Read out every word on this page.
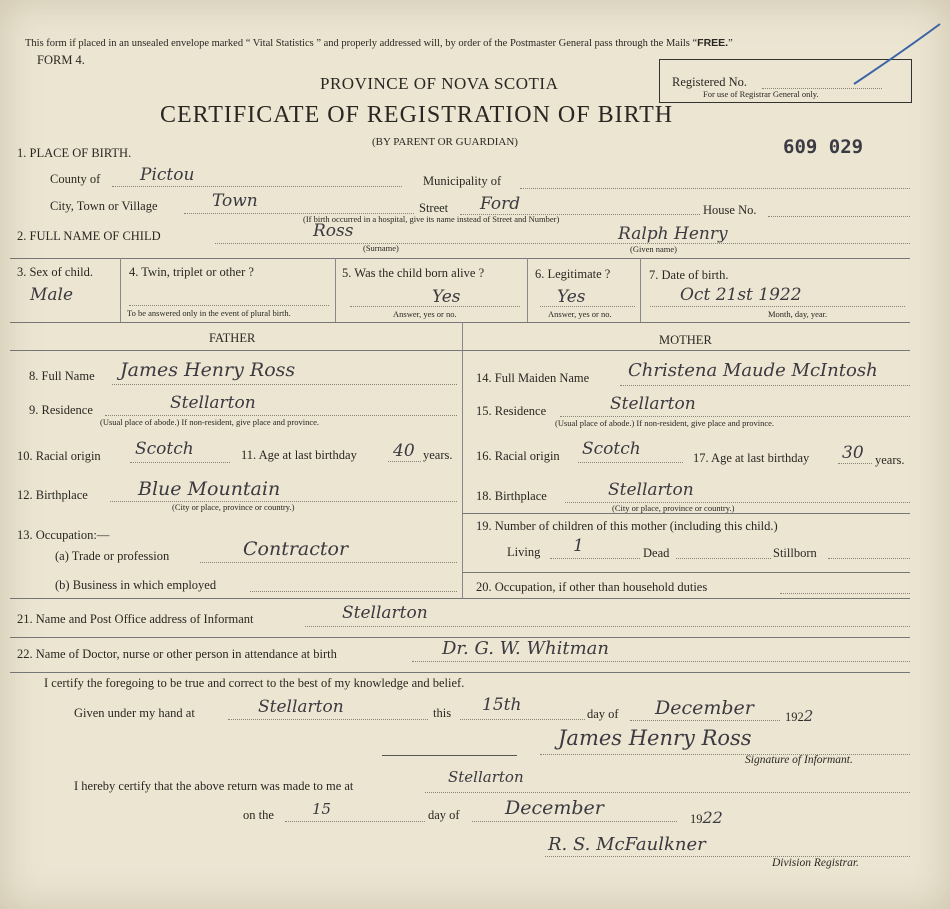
This form if placed in an unsealed envelope marked “ Vital Statistics ” and properly addressed will, by order of the Postmaster General pass through the Mails “FREE.”
FORM 4.
PROVINCE OF NOVA SCOTIA
CERTIFICATE OF REGISTRATION OF BIRTH
(BY PARENT OR GUARDIAN)
Registered No.
For use of Registrar General only.
609 029
1. PLACE OF BIRTH.
County of Pictou	Municipality of
City, Town or Village	Town	Street Ford	House No.
(If birth occurred in a hospital, give its name instead of Street and Number)
2. FULL NAME OF CHILD	Ross
(Surname)
Ralph Henry
(Given name)
3. Sex of child.
Male
4. Twin, triplet or other ?
To be answered only in the event of plural birth.
5. Was the child born alive ?
Yes
Answer, yes or no.
6. Legitimate ?
Yes
Answer, yes or no.
7. Date of birth.
Oct 21st 1922
Month, day, year.
FATHER	MOTHER
8. Full Name James Henry Ross
9. Residence	Stellarton
(Usual place of abode.) If non-resident, give place and province.
10. Racial origin Scotch	11. Age at last birthday 40 years.
12. Birthplace	Blue Mountain
(City or place, province or country.)
13. Occupation:—
(a) Trade or profession	Contractor
(b) Business in which employed
14. Full Maiden Name Christena Maude McIntosh
15. Residence	Stellarton
(Usual place of abode.) If non-resident, give place and province.
16. Racial origin Scotch	17. Age at last birthday 30 years.
18. Birthplace	Stellarton
(City or place, province or country.)
19. Number of children of this mother (including this child.)
Living 1	Dead	Stillborn
20. Occupation, if other than household duties
21. Name and Post Office address of Informant	Stellarton
22. Name of Doctor, nurse or other person in attendance at birth	Dr. G. W. Whitman
I certify the foregoing to be true and correct to the best of my knowledge and belief.
Given under my hand at	Stellarton	this 15th	day of December 1922
James Henry Ross
Signature of Informant.
I hereby certify that the above return was made to me at	Stellarton
on the	15	day of December	1922
R. S. McFaulkner
Division Registrar.
